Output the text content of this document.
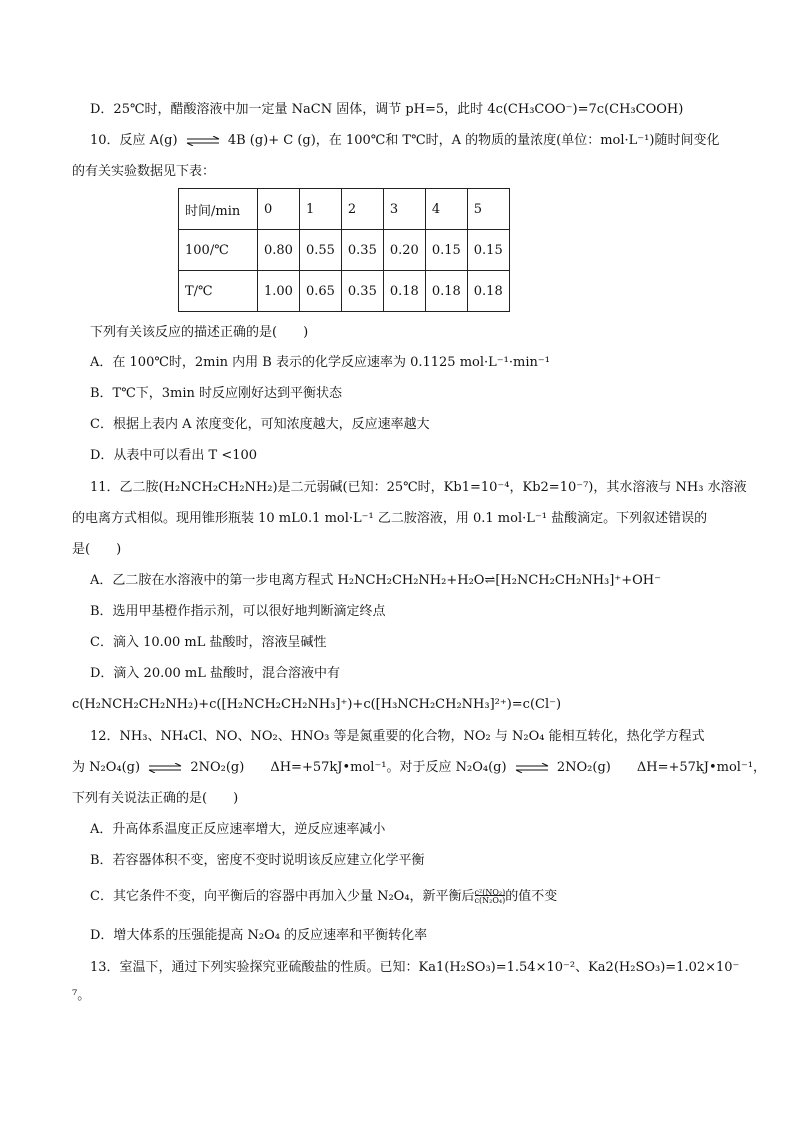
D．25℃时，醋酸溶液中加一定量 NaCN 固体，调节 pH=5，此时 4c(CH₃COO⁻)=7c(CH₃COOH)
10．反应 A(g) ⇌ 4B (g)+ C (g)，在 100℃和 T℃时，A 的物质的量浓度(单位：mol·L⁻¹)随时间变化
的有关实验数据见下表：
时间/min	0	1	2	3	4	5
100/℃	0.80	0.55	0.35	0.20	0.15	0.15
T/℃	1.00	0.65	0.35	0.18	0.18	0.18
下列有关该反应的描述正确的是(　　)
A．在 100℃时，2min 内用 B 表示的化学反应速率为 0.1125 mol·L⁻¹·min⁻¹
B．T℃下，3min 时反应刚好达到平衡状态
C．根据上表内 A 浓度变化，可知浓度越大，反应速率越大
D．从表中可以看出 T <100
11．乙二胺(H₂NCH₂CH₂NH₂)是二元弱碱(已知：25℃时，Kb1=10⁻⁴，Kb2=10⁻⁷)，其水溶液与 NH₃ 水溶液
的电离方式相似。现用锥形瓶装 10 mL0.1 mol·L⁻¹ 乙二胺溶液，用 0.1 mol·L⁻¹ 盐酸滴定。下列叙述错误的
是(　　)
A．乙二胺在水溶液中的第一步电离方程式 H₂NCH₂CH₂NH₂+H₂O⇌[H₂NCH₂CH₂NH₃]⁺+OH⁻
B．选用甲基橙作指示剂，可以很好地判断滴定终点
C．滴入 10.00 mL 盐酸时，溶液呈碱性
D．滴入 20.00 mL 盐酸时，混合溶液中有
c(H₂NCH₂CH₂NH₂)+c([H₂NCH₂CH₂NH₃]⁺)+c([H₃NCH₂CH₂NH₃]²⁺)=c(Cl⁻)
12．NH₃、NH₄Cl、NO、NO₂、HNO₃ 等是氮重要的化合物，NO₂ 与 N₂O₄ 能相互转化，热化学方程式
为 N₂O₄(g) ⇌ 2NO₂(g)　　ΔH=+57kJ•mol⁻¹。对于反应 N₂O₄(g) ⇌ 2NO₂(g)　　ΔH=+57kJ•mol⁻¹，
下列有关说法正确的是(　　)
A．升高体系温度正反应速率增大，逆反应速率减小
B．若容器体积不变，密度不变时说明该反应建立化学平衡
C．其它条件不变，向平衡后的容器中再加入少量 N₂O₄，新平衡后$\frac{\text{c²(NO₂)}}{\text{c(N₂O₄)}}$的值不变
D．增大体系的压强能提高 N₂O₄ 的反应速率和平衡转化率
13．室温下，通过下列实验探究亚硫酸盐的性质。已知：Ka1(H₂SO₃)=1.54×10⁻²、Ka2(H₂SO₃)=1.02×10⁻
⁷。
